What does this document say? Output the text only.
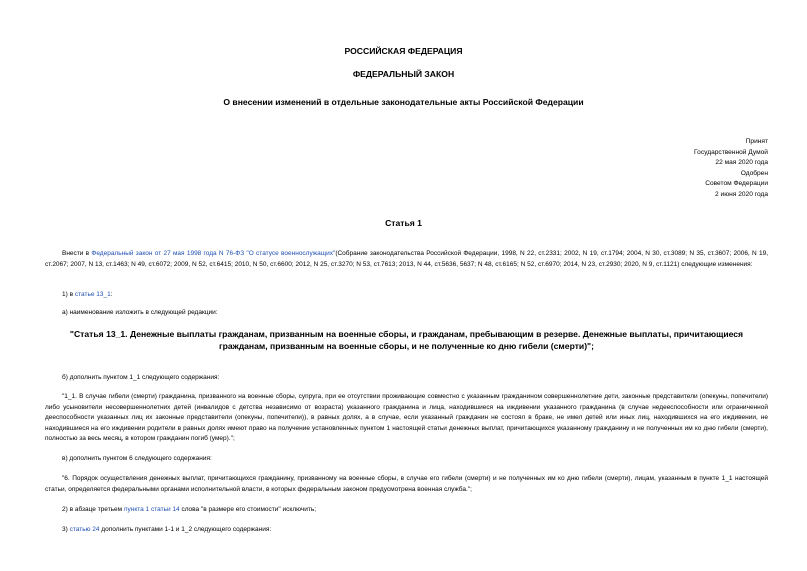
РОССИЙСКАЯ ФЕДЕРАЦИЯ
ФЕДЕРАЛЬНЫЙ ЗАКОН
О внесении изменений в отдельные законодательные акты Российской Федерации
Принят
Государственной Думой
22 мая 2020 года
Одобрен
Советом Федерации
2 июня 2020 года
Статья 1
Внести в Федеральный закон от 27 мая 1998 года N 76-ФЗ "О статусе военнослужащих"(Собрание законодательства Российской Федерации, 1998, N 22, ст.2331; 2002, N 19, ст.1794; 2004, N 30, ст.3089; N 35, ст.3607; 2006, N 19, ст.2067; 2007, N 13, ст.1463; N 49, ст.6072; 2009, N 52, ст.6415; 2010, N 50, ст.6600; 2012, N 25, ст.3270; N 53, ст.7613; 2013, N 44, ст.5636, 5637; N 48, ст.6165; N 52, ст.6970; 2014, N 23, ст.2930; 2020, N 9, ст.1121) следующие изменения:
1) в статье 13_1:
а) наименование изложить в следующей редакции:
"Статья 13_1. Денежные выплаты гражданам, призванным на военные сборы, и гражданам, пребывающим в резерве. Денежные выплаты, причитающиеся гражданам, призванным на военные сборы, и не полученные ко дню гибели (смерти)";
б) дополнить пунктом 1_1 следующего содержания:
"1_1. В случае гибели (смерти) гражданина, призванного на военные сборы, супруга, при ее отсутствии проживающие совместно с указанным гражданином совершеннолетние дети, законные представители (опекуны, попечители) либо усыновители несовершеннолетних детей (инвалидов с детства независимо от возраста) указанного гражданина и лица, находившиеся на иждивении указанного гражданина (в случае недееспособности или ограниченной дееспособности указанных лиц их законные представители (опекуны, попечители)), в равных долях, а в случае, если указанный гражданин не состоял в браке, не имел детей или иных лиц, находившихся на его иждивении, не находившиеся на его иждивении родители в равных долях имеют право на получение установленных пунктом 1 настоящей статьи денежных выплат, причитающихся указанному гражданину и не полученных им ко дню гибели (смерти), полностью за весь месяц, в котором гражданин погиб (умер).";
в) дополнить пунктом 6 следующего содержания:
"6. Порядок осуществления денежных выплат, причитающихся гражданину, призванному на военные сборы, в случае его гибели (смерти) и не полученных им ко дню гибели (смерти), лицам, указанным в пункте 1_1 настоящей статьи, определяется федеральными органами исполнительной власти, в которых федеральным законом предусмотрена военная служба.";
2) в абзаце третьем пункта 1 статьи 14 слова "в размере его стоимости" исключить;
3) статью 24 дополнить пунктами 1-1 и 1_2 следующего содержания:
